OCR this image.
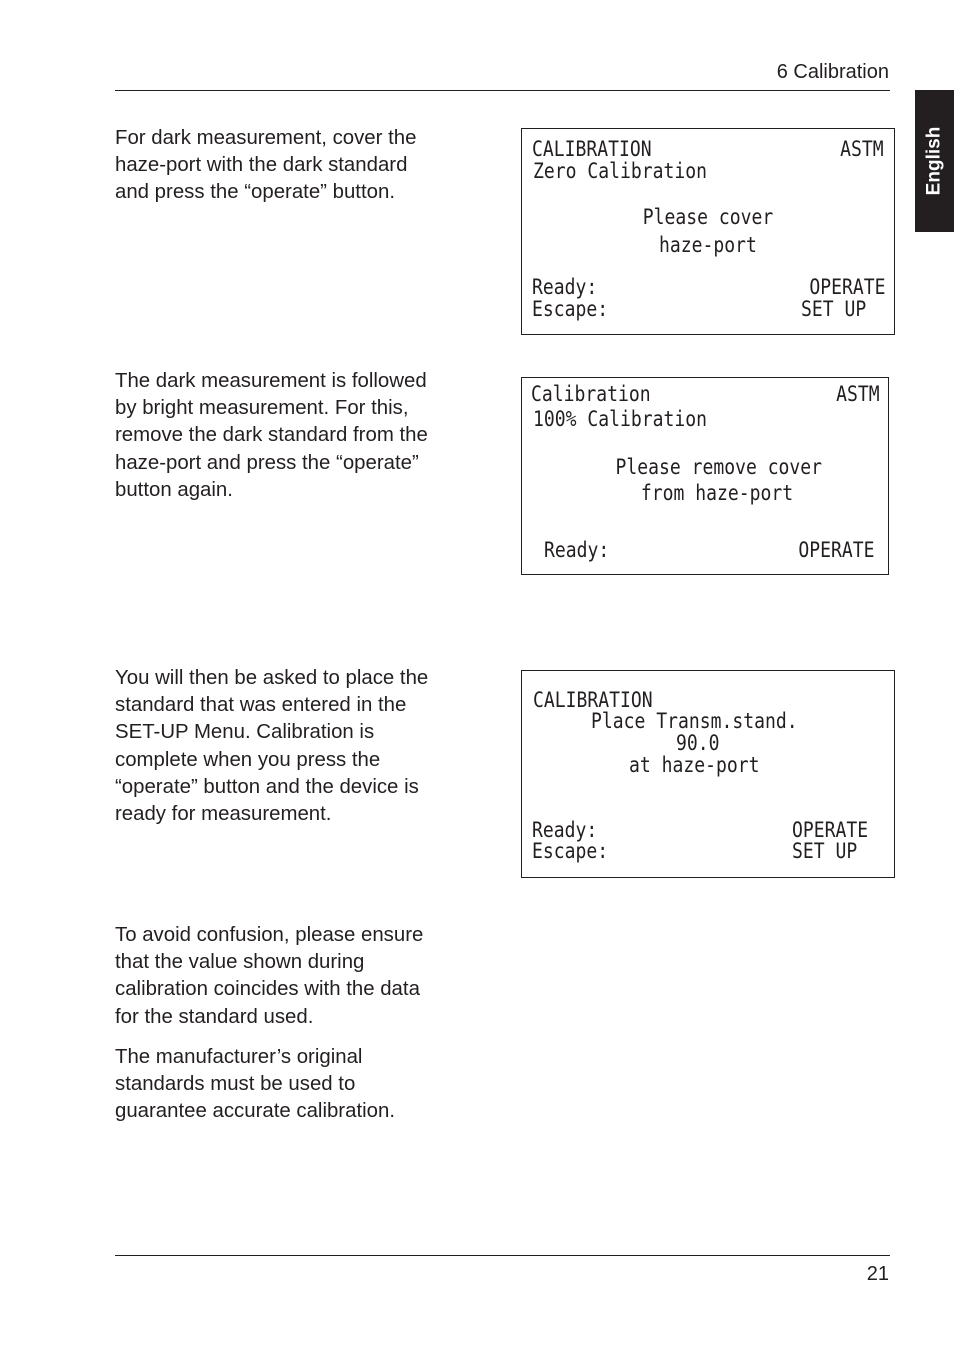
6 Calibration
English

For dark measurement, cover the

haze-port with the dark standard

and press the “operate” button.

CALIBRATION	ASTM
Zero Calibration
Please cover
haze-port
Ready:	OPERATE
Escape:	SET UP

The dark measurement is followed

by bright measurement. For this,

remove the dark standard from the

haze-port and press the “operate”

button again.

Calibration	ASTM
100% Calibration
Please remove cover
from haze-port
Ready:	OPERATE

You will then be asked to place the

standard that was entered in the

SET-UP Menu. Calibration is

complete when you press the

“operate” button and the device is

ready for measurement.

CALIBRATION
Place Transm.stand.
90.0
at haze-port
Ready:	OPERATE
Escape:	SET UP

To avoid confusion, please ensure

that the value shown during

calibration coincides with the data

for the standard used.

The manufacturer’s original

standards must be used to

guarantee accurate calibration.

21
